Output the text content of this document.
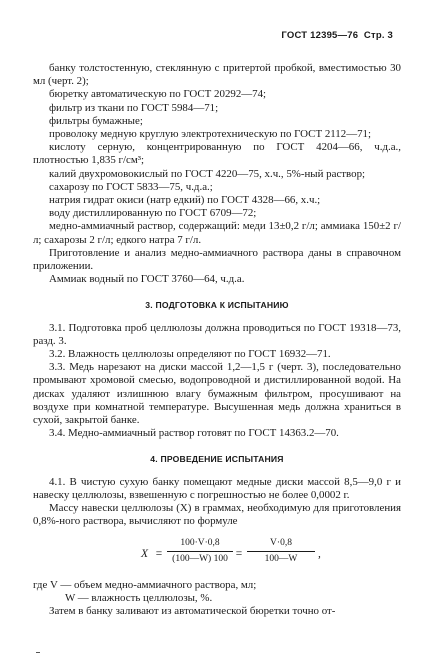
ГОСТ 12395—76 Стр. 3

банку толстостенную, стеклянную с притертой пробкой, вместимостью 30 мл (черт. 2);

бюретку автоматическую по ГОСТ 20292—74;

фильтр из ткани по ГОСТ 5984—71;

фильтры бумажные;

проволоку медную круглую электротехническую по ГОСТ 2112—71;

кислоту серную, концентрированную по ГОСТ 4204—66, ч.д.а., плотностью 1,835 г/см³;

калий двухромовокислый по ГОСТ 4220—75, х.ч., 5%-ный раствор;

сахарозу по ГОСТ 5833—75, ч.д.а.;

натрия гидрат окиси (натр едкий) по ГОСТ 4328—66, х.ч.;

воду дистиллированную по ГОСТ 6709—72;

медно-аммиачный раствор, содержащий: меди 13±0,2 г/л; аммиака 150±2 г/л; сахарозы 2 г/л; едкого натра 7 г/л.

Приготовление и анализ медно-аммиачного раствора даны в справочном приложении.

Аммиак водный по ГОСТ 3760—64, ч.д.а.

3. ПОДГОТОВКА К ИСПЫТАНИЮ

3.1. Подготовка проб целлюлозы должна проводиться по ГОСТ 19318—73, разд. 3.

3.2. Влажность целлюлозы определяют по ГОСТ 16932—71.

3.3. Медь нарезают на диски массой 1,2—1,5 г (черт. 3), последовательно промывают хромовой смесью, водопроводной и дистиллированной водой. На дисках удаляют излишнюю влагу бумажным фильтром, просушивают на воздухе при комнатной температуре. Высушенная медь должна храниться в сухой, закрытой банке.

3.4. Медно-аммиачный раствор готовят по ГОСТ 14363.2—70.

4. ПРОВЕДЕНИЕ ИСПЫТАНИЯ

4.1. В чистую сухую банку помещают медные диски массой 8,5—9,0 г и навеску целлюлозы, взвешенную с погрешностью не более 0,0002 г.

Массу навески целлюлозы (X) в граммах, необходимую для приготовления 0,8%-ного раствора, вычисляют по формуле

X =
100·V·0,8
(100—W) 100 =
V·0,8
100—W	,

где V — объем медно-аммиачного раствора, мл;

W — влажность целлюлозы, %.

Затем в банку заливают из автоматической бюретки точно от-
